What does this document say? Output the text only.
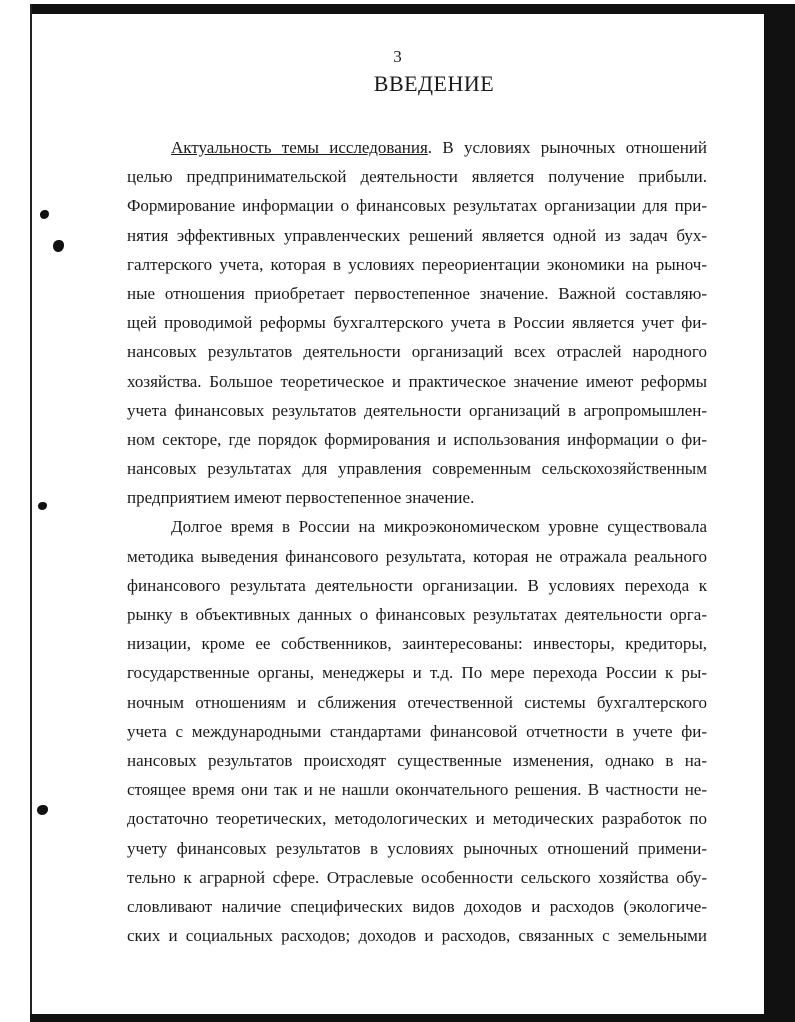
3
ВВЕДЕНИЕ
Актуальность темы исследования. В условиях рыночных отношений
целью предпринимательской деятельности является получение прибыли.
Формирование информации о финансовых результатах организации для при-
нятия эффективных управленческих решений является одной из задач бух-
галтерского учета, которая в условиях переориентации экономики на рыноч-
ные отношения приобретает первостепенное значение. Важной составляю-
щей проводимой реформы бухгалтерского учета в России является учет фи-
нансовых результатов деятельности организаций всех отраслей народного
хозяйства. Большое теоретическое и практическое значение имеют реформы
учета финансовых результатов деятельности организаций в агропромышлен-
ном секторе, где порядок формирования и использования информации о фи-
нансовых результатах для управления современным сельскохозяйственным
предприятием имеют первостепенное значение.
Долгое время в России на микроэкономическом уровне существовала
методика выведения финансового результата, которая не отражала реального
финансового результата деятельности организации. В условиях перехода к
рынку в объективных данных о финансовых результатах деятельности орга-
низации, кроме ее собственников, заинтересованы: инвесторы, кредиторы,
государственные органы, менеджеры и т.д. По мере перехода России к ры-
ночным отношениям и сближения отечественной системы бухгалтерского
учета с международными стандартами финансовой отчетности в учете фи-
нансовых результатов происходят существенные изменения, однако в на-
стоящее время они так и не нашли окончательного решения. В частности не-
достаточно теоретических, методологических и методических разработок по
учету финансовых результатов в условиях рыночных отношений примени-
тельно к аграрной сфере. Отраслевые особенности сельского хозяйства обу-
словливают наличие специфических видов доходов и расходов (экологиче-
ских и социальных расходов; доходов и расходов, связанных с земельными
